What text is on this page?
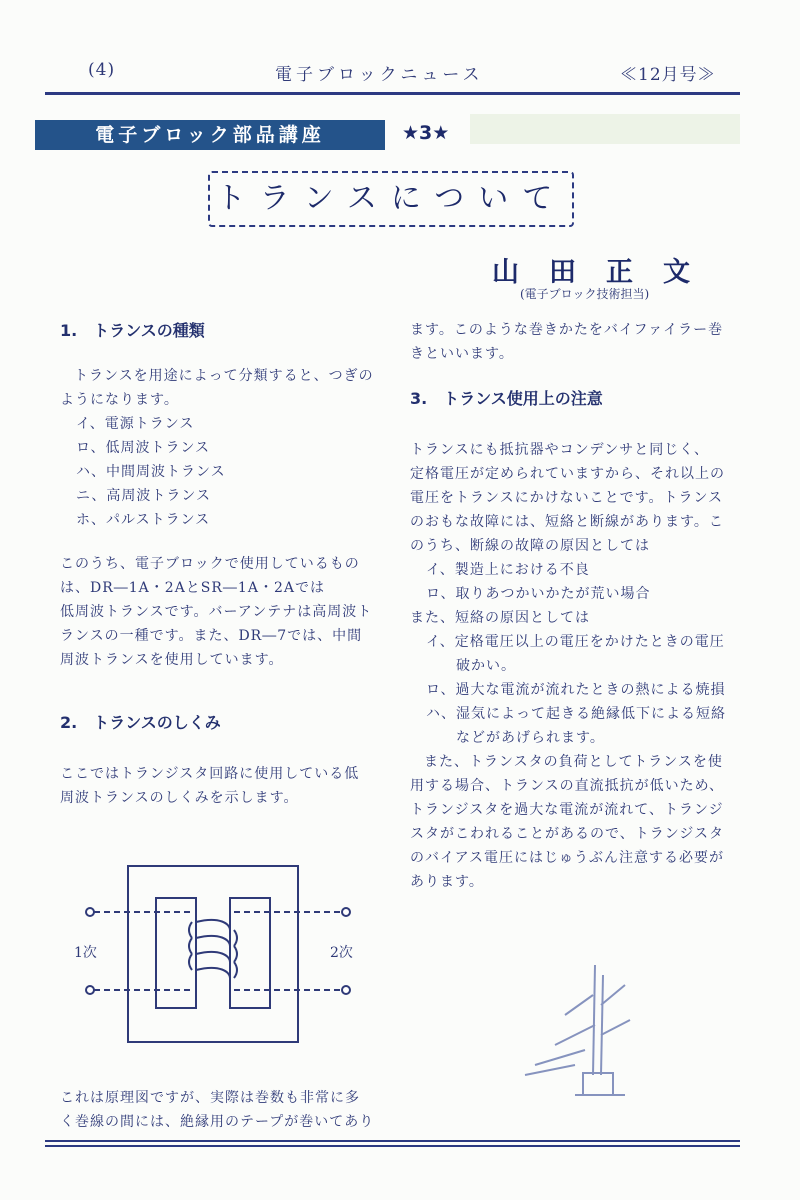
(4)	電子ブロックニュース	≪12月号≫
電子ブロック部品講座	★3★
トランスについて
山田正文
(電子ブロック技術担当)
1.　トランスの種類
トランスを用途によって分類すると、つぎの
ようになります。
イ、電源トランス
ロ、低周波トランス
ハ、中間周波トランス
ニ、高周波トランス
ホ、パルストランス
このうち、電子ブロックで使用しているもの
は、DR―1A・2AとSR―1A・2Aでは
低周波トランスです。バーアンテナは高周波ト
ランスの一種です。また、DR―7では、中間
周波トランスを使用しています。
2.　トランスのしくみ
ここではトランジスタ回路に使用している低
周波トランスのしくみを示します。
1次	2次
これは原理図ですが、実際は巻数も非常に多
く巻線の間には、絶縁用のテープが巻いてあり
ます。このような巻きかたをバイファイラー巻
きといいます。
3.　トランス使用上の注意
トランスにも抵抗器やコンデンサと同じく、
定格電圧が定められていますから、それ以上の
電圧をトランスにかけないことです。トランス
のおもな故障には、短絡と断線があります。こ
のうち、断線の故障の原因としては
イ、製造上における不良
ロ、取りあつかいかたが荒い場合
また、短絡の原因としては
イ、定格電圧以上の電圧をかけたときの電圧
　　破かい。
ロ、過大な電流が流れたときの熱による焼損
ハ、湿気によって起きる絶縁低下による短絡
　　などがあげられます。
また、トランスタの負荷としてトランスを使
用する場合、トランスの直流抵抗が低いため、
トランジスタを過大な電流が流れて、トランジ
スタがこわれることがあるので、トランジスタ
のバイアス電圧にはじゅうぶん注意する必要が
あります。
